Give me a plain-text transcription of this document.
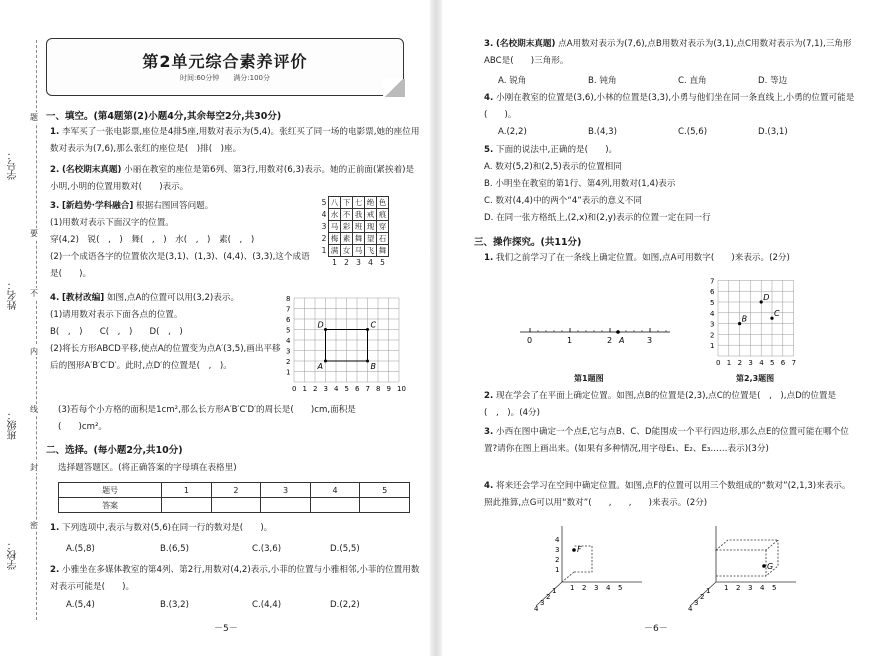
学号：
姓名：
班级：
学校：
题
要
不
内
线
封
密
第2单元综合素养评价
时间:60分钟　　满分:100分
一、填空。(第4题第(2)小题4分,其余每空2分,共30分)
1. 李军买了一张电影票,座位是4排5座,用数对表示为(5,4)。张红买了同一场的电影票,她的座位用数对表示为(7,6),那么张红的座位是(　)排(　)座。
2. (名校期末真题) 小丽在教室的座位是第6列、第3行,用数对(6,3)表示。她的正前面(紧挨着)是小明,小明的位置用数对(　　)表示。
3. [新趋势·学科融合] 根据右图回答问题。
(1)用数对表示下面汉字的位置。
穿(4,2)　锐(　,　)　舞(　,　)　水(　,　)　素(　,　)
(2)一个成语各字的位置依次是(3,1)、(1,3)、(4,4)、(3,3),这个成语是(　　)。
5	八	下	七	绝	色
4	水	不	我	戒	痕
3	马	彩	班	现	穿
2	梅	素	舞	望	石
1	满	女	马	飞	舞
	1	2	3	4	5
4. [教材改编] 如图,点A的位置可以用(3,2)表示。
(1)请用数对表示下面各点的位置。
B(　,　)　　C(　,　)　　D(　,　)
(2)将长方形ABCD平移,使点A的位置变为点A′(3,5),画出平移后的图形A′B′C′D′。此时,点D′的位置是(　,　)。
(3)若每个小方格的面积是1cm²,那么长方形A′B′C′D′的周长是(　　)cm,面积是(　　)cm²。
0 1 2 3 4 5 6 7 8 9 10
1
2
3
4
5
6
7
8
A	B
C
D
二、选择。(每小题2分,共10分)
选择题答题区。(将正确答案的字母填在表格里)
题号	1	2	3	4	5
答案					
1. 下列选项中,表示与数对(5,6)在同一行的数对是(　　)。
A.(5,8)	B.(6,5)	C.(3,6)	D.(5,5)
2. 小雅坐在多媒体教室的第4列、第2行,用数对(4,2)表示,小菲的位置与小雅相邻,小菲的位置用数对表示可能是(　　)。
A.(5,4)	B.(3,2)	C.(4,4)	D.(2,2)
－5－
3. (名校期末真题) 点A用数对表示为(7,6),点B用数对表示为(3,1),点C用数对表示为(7,1),三角形ABC是(　　)三角形。
A. 锐角	B. 钝角	C. 直角	D. 等边
4. 小刚在教室的位置是(3,6),小林的位置是(3,3),小勇与他们坐在同一条直线上,小勇的位置可能是(　　)。
A.(2,2)	B.(4,3)	C.(5,6)	D.(3,1)
5. 下面的说法中,正确的是(　　)。
A. 数对(5,2)和(2,5)表示的位置相同
B. 小明坐在教室的第1行、第4列,用数对(1,4)表示
C. 数对(4,4)中的两个“4”表示的意义不同
D. 在同一张方格纸上,(2,x)和(2,y)表示的位置一定在同一行
三、操作探究。(共11分)
1. 我们之前学习了在一条线上确定位置。如图,点A可用数字(　　)来表示。(2分)
0	1	2	3
A
0 1 2 3 4 5 6 7
1
2
3
4
5
6
7
B
C
D
第1题图	第2,3题图
2. 现在学会了在平面上确定位置。如图,点B的位置是(2,3),点C的位置是(　,　),点D的位置是(　,　)。(4分)
3. 小西在图中确定一个点E,它与点B、C、D能围成一个平行四边形,那么点E的位置可能在哪个位置?请你在图上画出来。(如果有多种情况,用字母E₁、E₂、E₃……表示)(3分)
4. 将来还会学习在空间中确定位置。如图,点F的位置可以用三个数组成的“数对”(2,1,3)来表示。照此推算,点G可以用“数对”(　　,　　,　　)来表示。(2分)
F
1
2
3
4
1 2 3 4 5
1
2
3
4
G
1 2 3 4 5
1
2
3
4
－6－
